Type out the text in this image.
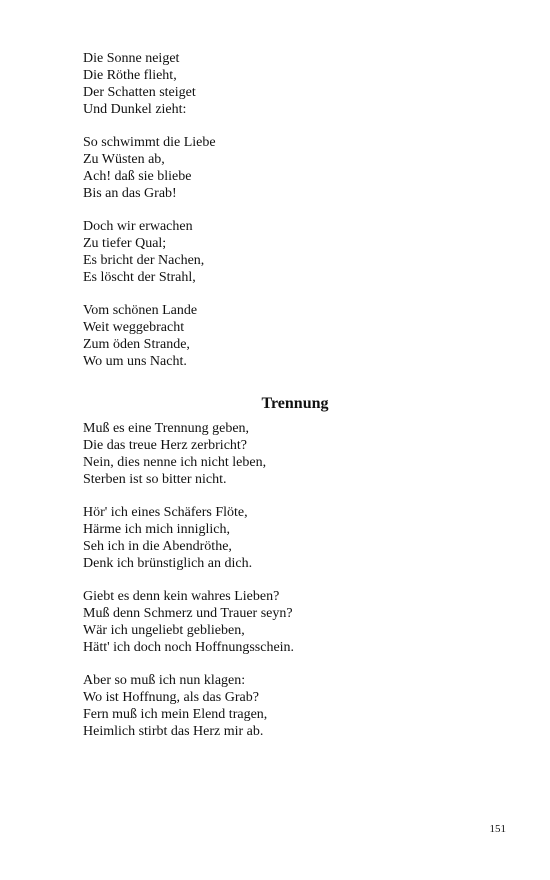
Die Sonne neiget
Die Röthe flieht,
Der Schatten steiget
Und Dunkel zieht:
So schwimmt die Liebe
Zu Wüsten ab,
Ach! daß sie bliebe
Bis an das Grab!
Doch wir erwachen
Zu tiefer Qual;
Es bricht der Nachen,
Es löscht der Strahl,
Vom schönen Lande
Weit weggebracht
Zum öden Strande,
Wo um uns Nacht.
Trennung
Muß es eine Trennung geben,
Die das treue Herz zerbricht?
Nein, dies nenne ich nicht leben,
Sterben ist so bitter nicht.
Hör' ich eines Schäfers Flöte,
Härme ich mich inniglich,
Seh ich in die Abendröthe,
Denk ich brünstiglich an dich.
Giebt es denn kein wahres Lieben?
Muß denn Schmerz und Trauer seyn?
Wär ich ungeliebt geblieben,
Hätt' ich doch noch Hoffnungsschein.
Aber so muß ich nun klagen:
Wo ist Hoffnung, als das Grab?
Fern muß ich mein Elend tragen,
Heimlich stirbt das Herz mir ab.
151
